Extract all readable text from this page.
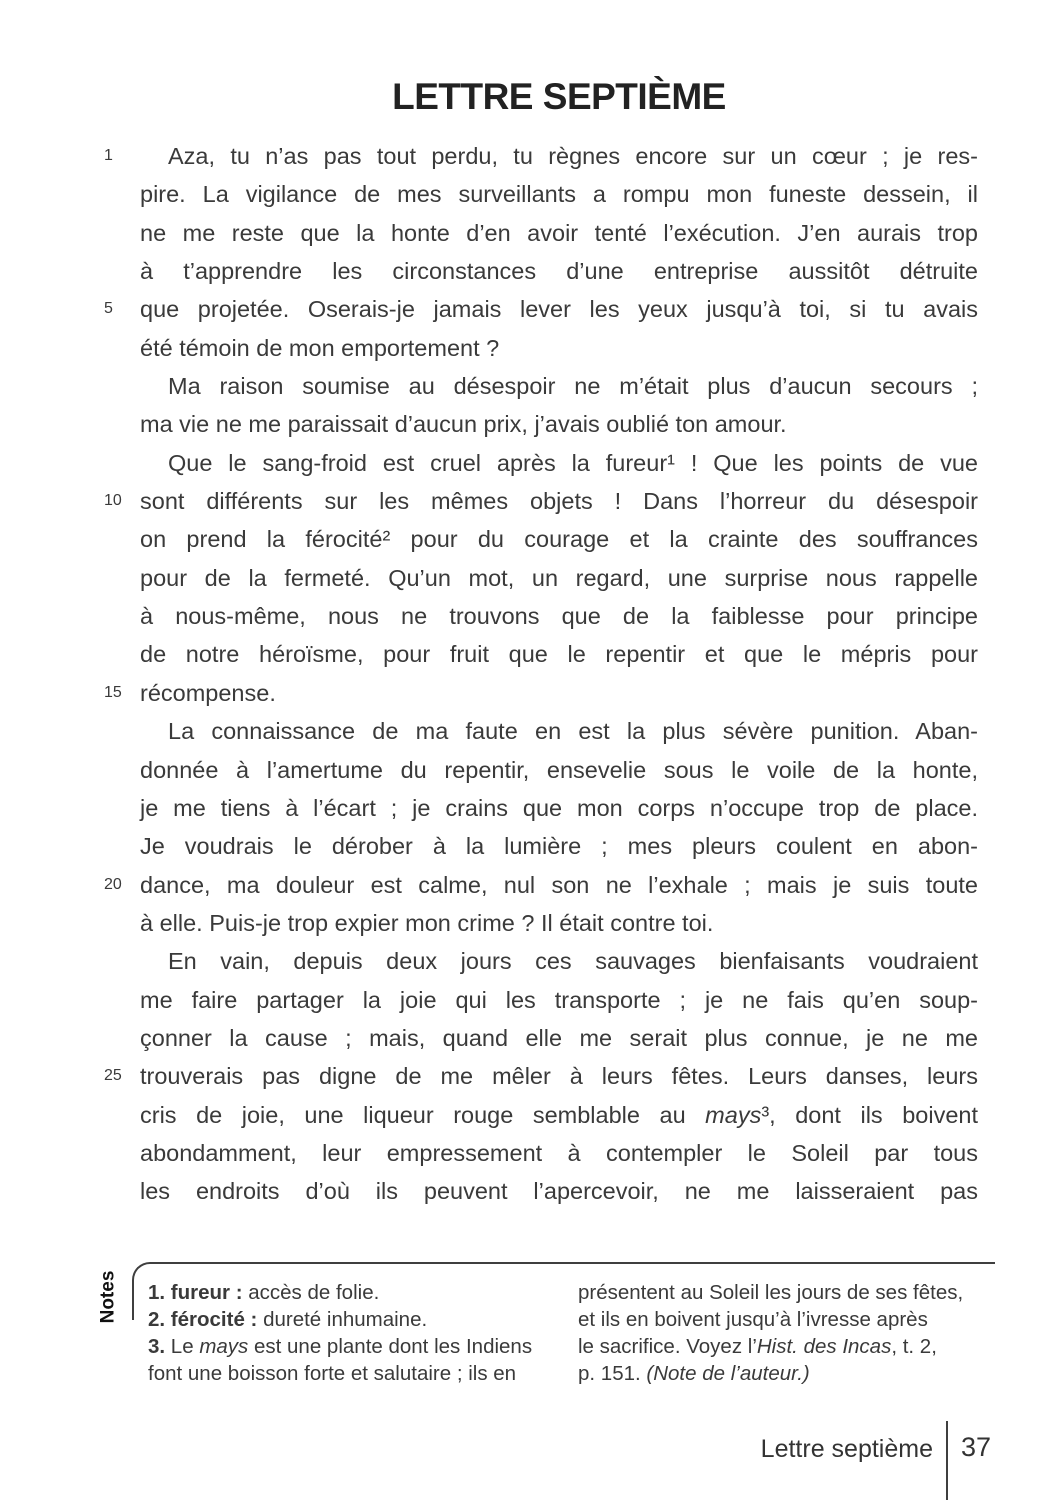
LETTRE SEPTIÈME
1	Aza, tu n’as pas tout perdu, tu règnes encore sur un cœur ; je res-
pire. La vigilance de mes surveillants a rompu mon funeste dessein, il
ne me reste que la honte d’en avoir tenté l’exécution. J’en aurais trop
à t’apprendre les circonstances d’une entreprise aussitôt détruite
5	que projetée. Oserais-je jamais lever les yeux jusqu’à toi, si tu avais
été témoin de mon emportement ?
Ma raison soumise au désespoir ne m’était plus d’aucun secours ;
ma vie ne me paraissait d’aucun prix, j’avais oublié ton amour.
Que le sang-froid est cruel après la fureur¹ ! Que les points de vue
10 sont différents sur les mêmes objets ! Dans l’horreur du désespoir
on prend la férocité² pour du courage et la crainte des souffrances
pour de la fermeté. Qu’un mot, un regard, une surprise nous rappelle
à nous-même, nous ne trouvons que de la faiblesse pour principe
de notre héroïsme, pour fruit que le repentir et que le mépris pour
15 récompense.
La connaissance de ma faute en est la plus sévère punition. Aban-
donnée à l’amertume du repentir, ensevelie sous le voile de la honte,
je me tiens à l’écart ; je crains que mon corps n’occupe trop de place.
Je voudrais le dérober à la lumière ; mes pleurs coulent en abon-
20 dance, ma douleur est calme, nul son ne l’exhale ; mais je suis toute
à elle. Puis-je trop expier mon crime ? Il était contre toi.
En vain, depuis deux jours ces sauvages bienfaisants voudraient
me faire partager la joie qui les transporte ; je ne fais qu’en soup-
çonner la cause ; mais, quand elle me serait plus connue, je ne me
25 trouverais pas digne de me mêler à leurs fêtes. Leurs danses, leurs
cris de joie, une liqueur rouge semblable au mays³, dont ils boivent
abondamment, leur empressement à contempler le Soleil par tous
les endroits d’où ils peuvent l’apercevoir, ne me laisseraient pas
Notes 1. fureur : accès de folie.
2. férocité : dureté inhumaine.
3. Le mays est une plante dont les Indiens
font une boisson forte et salutaire ; ils en
présentent au Soleil les jours de ses fêtes,
et ils en boivent jusqu’à l’ivresse après
le sacrifice. Voyez l’Hist. des Incas, t. 2,
p. 151. (Note de l’auteur.)
Lettre septième 37
